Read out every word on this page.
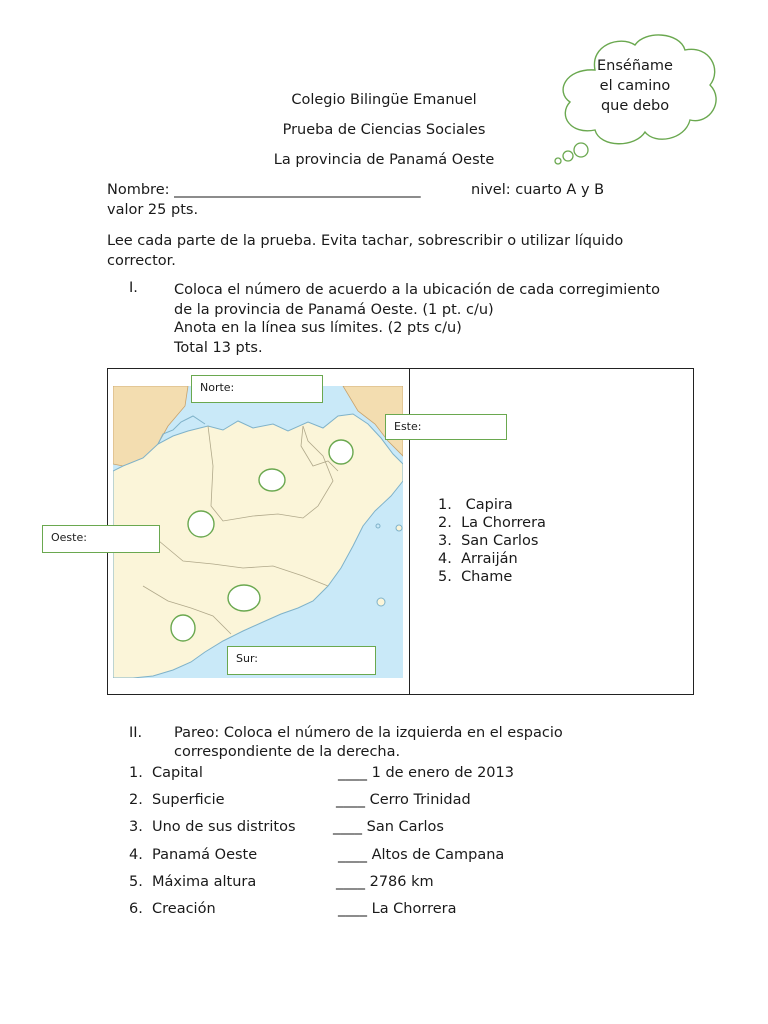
Enséñame
el camino
que debo
Colegio Bilingüe Emanuel
Prueba de Ciencias Sociales
La provincia de Panamá Oeste
Nombre: __________________________________	nivel: cuarto A y B
valor 25 pts.
Lee cada parte de la prueba. Evita tachar, sobrescribir o utilizar líquido corrector.
I. Coloca el número de acuerdo a la ubicación de cada corregimiento de la provincia de Panamá Oeste. (1 pt. c/u)
Anota en la línea sus límites. (2 pts c/u)
Total 13 pts.
Norte:
Este:
Oeste:
Sur:
1.   Capira
2. La Chorrera
3. San Carlos
4. Arraiján
5. Chame
II. Pareo: Coloca el número de la izquierda en el espacio
correspondiente de la derecha.
1. Capital	____ 1 de enero de 2013
2. Superficie	____ Cerro Trinidad
3. Uno de sus distritos	____ San Carlos
4. Panamá Oeste	____ Altos de Campana
5. Máxima altura	____ 2786 km
6. Creación	____ La Chorrera
